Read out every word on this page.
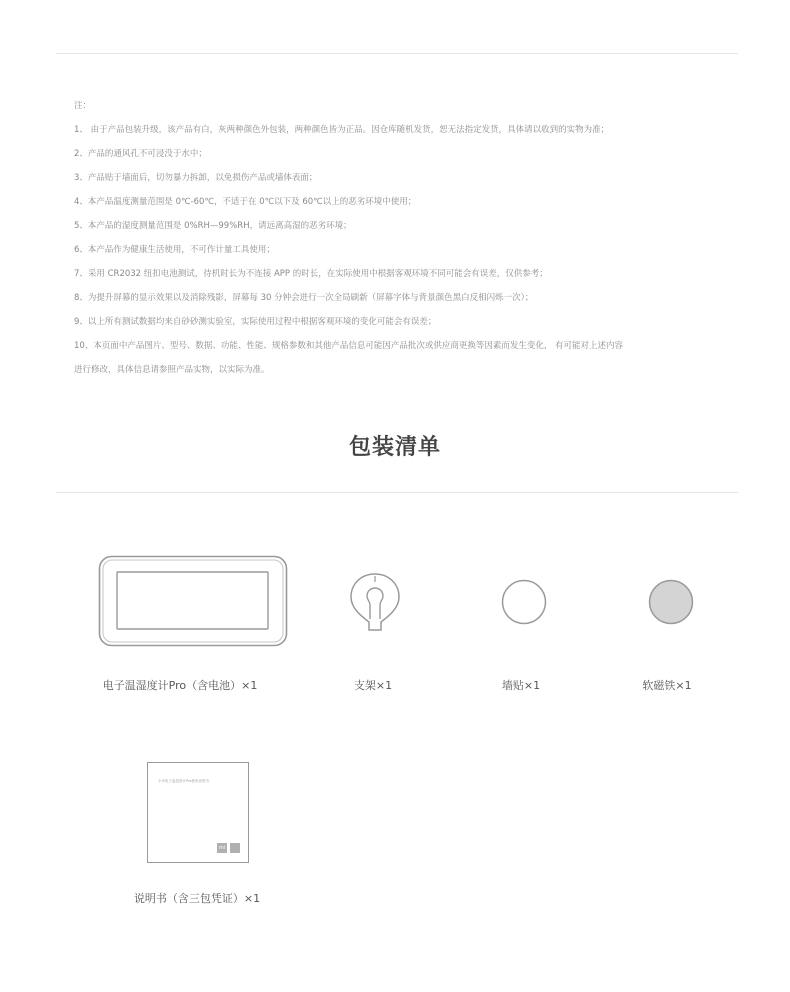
注：
1、 由于产品包装升级，该产品有白，灰两种颜色外包装，两种颜色皆为正品。因仓库随机发货，恕无法指定发货，具体请以收到的实物为准；
2、产品的通风孔不可浸没于水中；
3、产品贴于墙面后，切勿暴力拆卸，以免损伤产品或墙体表面；
4、本产品温度测量范围是 0℃-60℃，不适于在 0℃以下及 60℃以上的恶劣环境中使用；
5、本产品的湿度测量范围是 0%RH—99%RH，请远离高湿的恶劣环境；
6、本产品作为健康生活使用，不可作计量工具使用；
7、采用 CR2032 纽扣电池测试，待机时长为不连接 APP 的时长，在实际使用中根据客观环境不同可能会有误差，仅供参考；
8、为提升屏幕的显示效果以及消除残影，屏幕每 30 分钟会进行一次全局刷新（屏幕字体与背景颜色黑白反相闪烁一次）；
9、以上所有测试数据均来自砂砂测实验室，实际使用过程中根据客观环境的变化可能会有误差；
10、本页面中产品图片、型号、数据、功能、性能、规格参数和其他产品信息可能因产品批次或供应商更换等因素而发生变化， 有可能对上述内容
进行修改，具体信息请参照产品实物，以实际为准。
包装清单
电子温湿度计Pro（含电池）×1	支架×1	墙贴×1	软磁铁×1
小米电子温湿度计Pro使用说明书
mi
说明书（含三包凭证）×1
